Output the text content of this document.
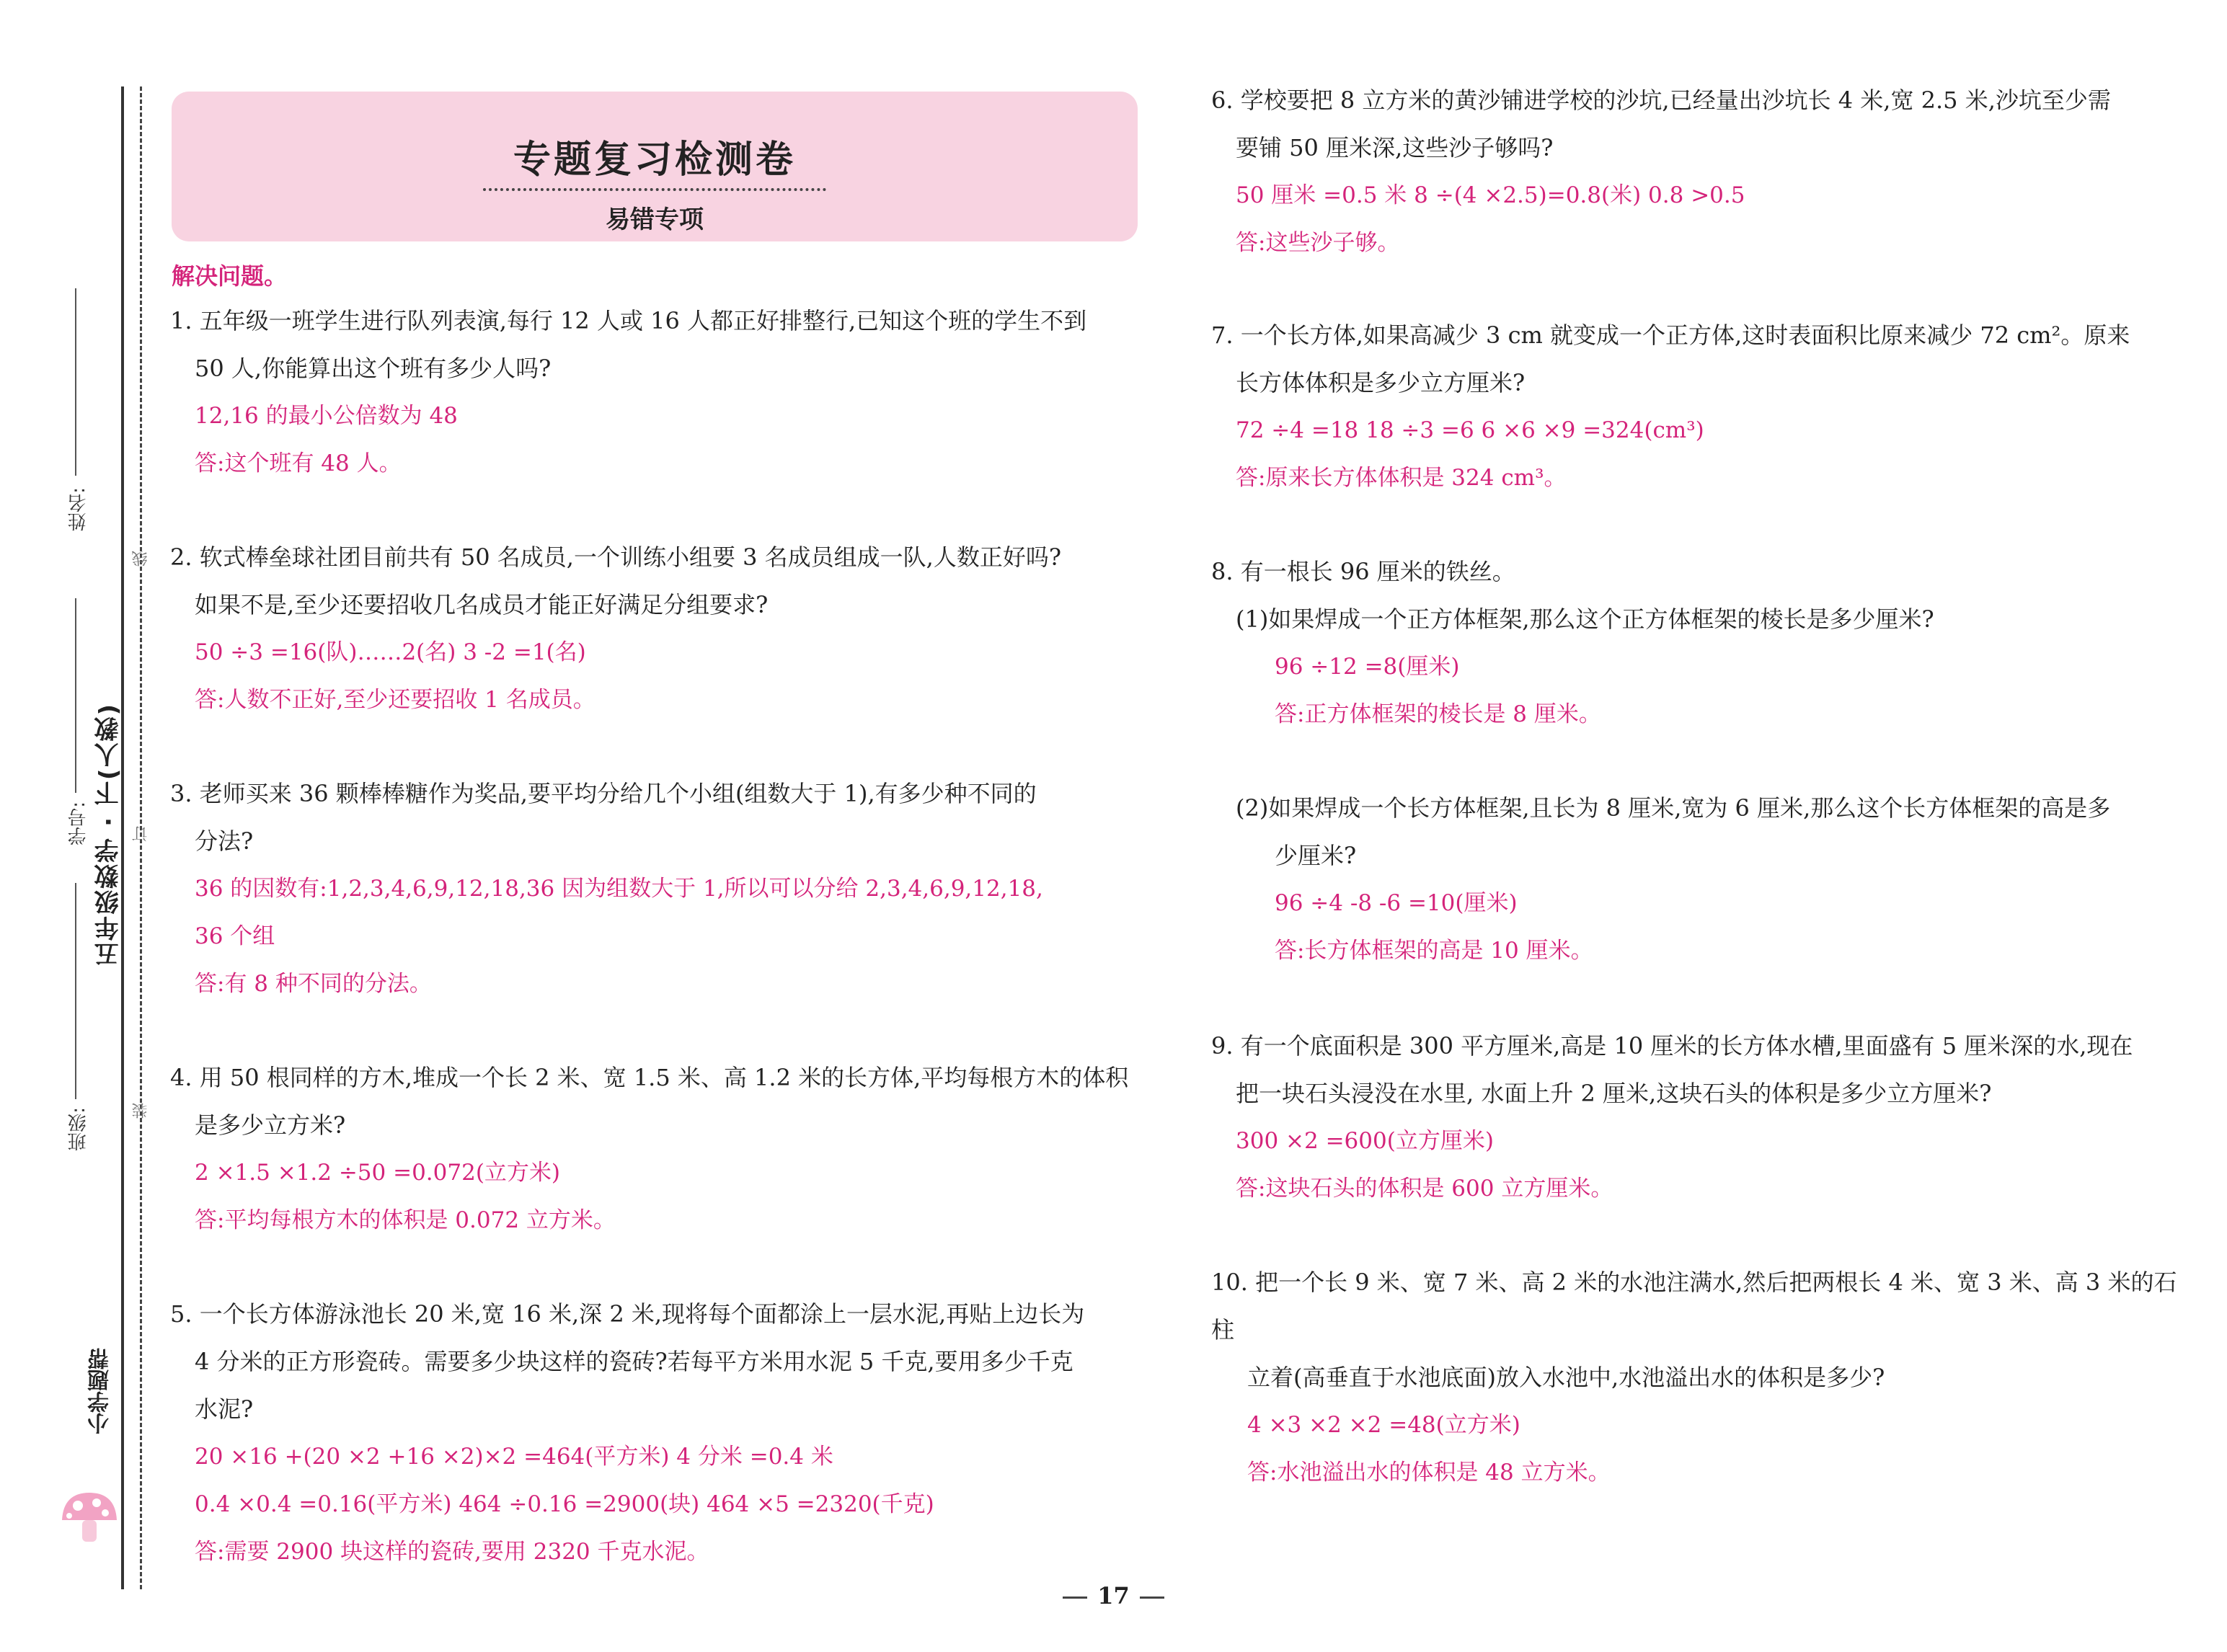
姓名:
学号:
班级:
五年级数学 · 下(人教)
线
订
装
小学题帮
专题复习检测卷
易错专项
解决问题。
1. 五年级一班学生进行队列表演,每行 12 人或 16 人都正好排整行,已知这个班的学生不到
50 人,你能算出这个班有多少人吗?
12,16 的最小公倍数为 48
答:这个班有 48 人。
2. 软式棒垒球社团目前共有 50 名成员,一个训练小组要 3 名成员组成一队,人数正好吗?
如果不是,至少还要招收几名成员才能正好满足分组要求?
50 ÷3 =16(队)……2(名) 3 -2 =1(名)
答:人数不正好,至少还要招收 1 名成员。
3. 老师买来 36 颗棒棒糖作为奖品,要平均分给几个小组(组数大于 1),有多少种不同的
分法?
36 的因数有:1,2,3,4,6,9,12,18,36 因为组数大于 1,所以可以分给 2,3,4,6,9,12,18,
36 个组
答:有 8 种不同的分法。
4. 用 50 根同样的方木,堆成一个长 2 米、宽 1.5 米、高 1.2 米的长方体,平均每根方木的体积
是多少立方米?
2 ×1.5 ×1.2 ÷50 =0.072(立方米)
答:平均每根方木的体积是 0.072 立方米。
5. 一个长方体游泳池长 20 米,宽 16 米,深 2 米,现将每个面都涂上一层水泥,再贴上边长为
4 分米的正方形瓷砖。需要多少块这样的瓷砖?若每平方米用水泥 5 千克,要用多少千克
水泥?
20 ×16 +(20 ×2 +16 ×2)×2 =464(平方米) 4 分米 =0.4 米
0.4 ×0.4 =0.16(平方米) 464 ÷0.16 =2900(块) 464 ×5 =2320(千克)
答:需要 2900 块这样的瓷砖,要用 2320 千克水泥。
6. 学校要把 8 立方米的黄沙铺进学校的沙坑,已经量出沙坑长 4 米,宽 2.5 米,沙坑至少需
要铺 50 厘米深,这些沙子够吗?
50 厘米 =0.5 米 8 ÷(4 ×2.5)=0.8(米) 0.8 >0.5
答:这些沙子够。
7. 一个长方体,如果高减少 3 cm 就变成一个正方体,这时表面积比原来减少 72 cm²。原来
长方体体积是多少立方厘米?
72 ÷4 =18 18 ÷3 =6 6 ×6 ×9 =324(cm³)
答:原来长方体体积是 324 cm³。
8. 有一根长 96 厘米的铁丝。
(1)如果焊成一个正方体框架,那么这个正方体框架的棱长是多少厘米?
96 ÷12 =8(厘米)
答:正方体框架的棱长是 8 厘米。
(2)如果焊成一个长方体框架,且长为 8 厘米,宽为 6 厘米,那么这个长方体框架的高是多
少厘米?
96 ÷4 -8 -6 =10(厘米)
答:长方体框架的高是 10 厘米。
9. 有一个底面积是 300 平方厘米,高是 10 厘米的长方体水槽,里面盛有 5 厘米深的水,现在
把一块石头浸没在水里, 水面上升 2 厘米,这块石头的体积是多少立方厘米?
300 ×2 =600(立方厘米)
答:这块石头的体积是 600 立方厘米。
10. 把一个长 9 米、宽 7 米、高 2 米的水池注满水,然后把两根长 4 米、宽 3 米、高 3 米的石柱
立着(高垂直于水池底面)放入水池中,水池溢出水的体积是多少?
4 ×3 ×2 ×2 =48(立方米)
答:水池溢出水的体积是 48 立方米。
17
